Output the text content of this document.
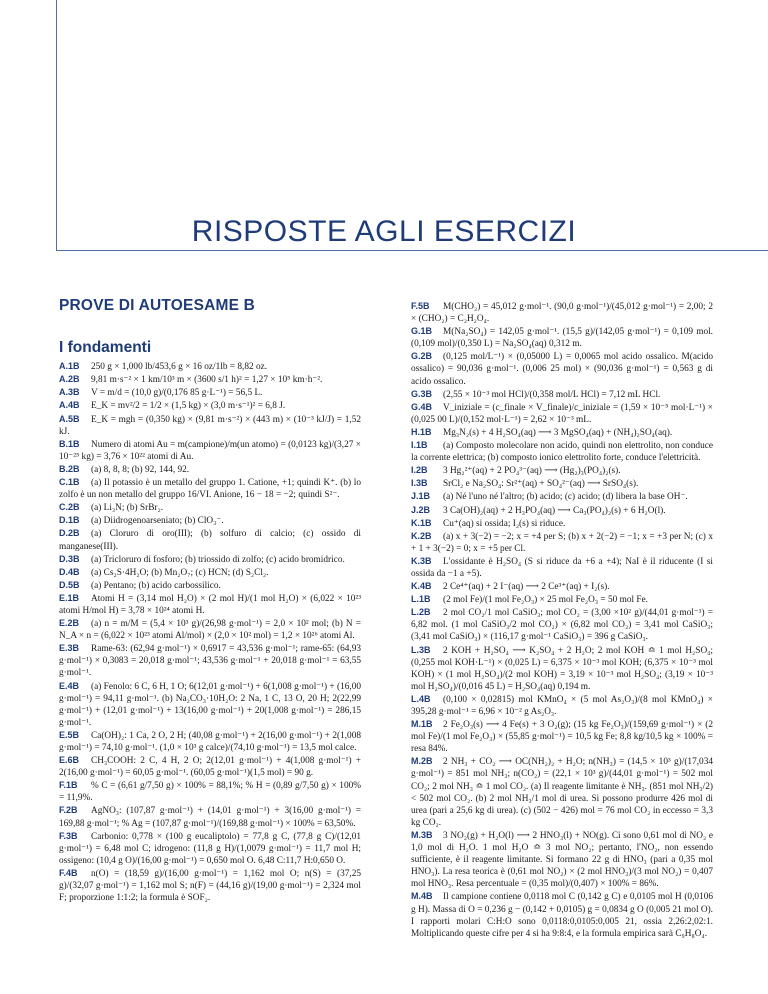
RISPOSTE AGLI ESERCIZI
PROVE DI AUTOESAME B
I fondamenti

A.1B 250 g × 1,000 lb/453,6 g × 16 oz/1lb = 8,82 oz.

A.2B 9,81 m·s⁻² × 1 km/10³ m × (3600 s/1 h)² = 1,27 × 10⁵ km·h⁻².

A.3B V = m/d = (10,0 g)/(0,176 85 g·L⁻¹) = 56,5 L.

A.4B E_K = mv²/2 = 1/2 × (1,5 kg) × (3,0 m·s⁻¹)² = 6,8 J.

A.5B E_K = mgh = (0,350 kg) × (9,81 m·s⁻²) × (443 m) × (10⁻³ kJ/J) = 1,52 kJ.

B.1B Numero di atomi Au = m(campione)/m(un atomo) = (0,0123 kg)/(3,27 × 10⁻²⁵ kg) = 3,76 × 10²² atomi di Au.

B.2B (a) 8, 8, 8; (b) 92, 144, 92.

C.1B (a) Il potassio è un metallo del gruppo 1. Catione, +1; quindi K⁺. (b) lo zolfo è un non metallo del gruppo 16/VI. Anione, 16 − 18 = −2; quindi S²⁻.

C.2B (a) Li₃N; (b) SrBr₂.

D.1B (a) Diidrogenoarseniato; (b) ClO₃⁻.

D.2B (a) Cloruro di oro(III); (b) solfuro di calcio; (c) ossido di manganese(III).

D.3B (a) Tricloruro di fosforo; (b) triossido di zolfo; (c) acido bromidrico.

D.4B (a) Cs₂S·4H₂O; (b) Mn₂O₇; (c) HCN; (d) S₂Cl₂.

D.5B (a) Pentano; (b) acido carbossilico.

E.1B Atomi H = (3,14 mol H₂O) × (2 mol H)/(1 mol H₂O) × (6,022 × 10²³ atomi H/mol H) = 3,78 × 10²⁴ atomi H.

E.2B (a) n = m/M = (5,4 × 10³ g)/(26,98 g·mol⁻¹) = 2,0 × 10² mol; (b) N = N_A × n = (6,022 × 10²³ atomi Al/mol) × (2,0 × 10² mol) = 1,2 × 10²⁶ atomi Al.

E.3B Rame-63: (62,94 g·mol⁻¹) × 0,6917 = 43,536 g·mol⁻¹; rame-65: (64,93 g·mol⁻¹) × 0,3083 = 20,018 g·mol⁻¹; 43,536 g·mol⁻¹ + 20,018 g·mol⁻¹ = 63,55 g·mol⁻¹.

E.4B (a) Fenolo: 6 C, 6 H, 1 O; 6(12,01 g·mol⁻¹) + 6(1,008 g·mol⁻¹) + (16,00 g·mol⁻¹) = 94,11 g·mol⁻¹. (b) Na₂CO₃·10H₂O: 2 Na, 1 C, 13 O, 20 H; 2(22,99 g·mol⁻¹) + (12,01 g·mol⁻¹) + 13(16,00 g·mol⁻¹) + 20(1,008 g·mol⁻¹) = 286,15 g·mol⁻¹.

E.5B Ca(OH)₂: 1 Ca, 2 O, 2 H; (40,08 g·mol⁻¹) + 2(16,00 g·mol⁻¹) + 2(1,008 g·mol⁻¹) = 74,10 g·mol⁻¹. (1,0 × 10³ g calce)/(74,10 g·mol⁻¹) = 13,5 mol calce.

E.6B CH₃COOH: 2 C, 4 H, 2 O; 2(12,01 g·mol⁻¹) + 4(1,008 g·mol⁻¹) + 2(16,00 g·mol⁻¹) = 60,05 g·mol⁻¹. (60,05 g·mol⁻¹)(1,5 mol) = 90 g.

F.1B % C = (6,61 g/7,50 g) × 100% = 88,1%; % H = (0,89 g/7,50 g) × 100% = 11,9%.

F.2B AgNO₃: (107,87 g·mol⁻¹) + (14,01 g·mol⁻¹) + 3(16,00 g·mol⁻¹) = 169,88 g·mol⁻¹; % Ag = (107,87 g·mol⁻¹)/(169,88 g·mol⁻¹) × 100% = 63,50%.

F.3B Carbonio: 0,778 × (100 g eucaliptolo) = 77,8 g C, (77,8 g C)/(12,01 g·mol⁻¹) = 6,48 mol C; idrogeno: (11,8 g H)/(1,0079 g·mol⁻¹) = 11,7 mol H; ossigeno: (10,4 g O)/(16,00 g·mol⁻¹) = 0,650 mol O. 6,48 C:11,7 H:0,650 O.

F.4B n(O) = (18,59 g)/(16,00 g·mol⁻¹) = 1,162 mol O; n(S) = (37,25 g)/(32,07 g·mol⁻¹) = 1,162 mol S; n(F) = (44,16 g)/(19,00 g·mol⁻¹) = 2,324 mol F; proporzione 1:1:2; la formula è SOF₂.

F.5B M(CHO₂) = 45,012 g·mol⁻¹. (90,0 g·mol⁻¹)/(45,012 g·mol⁻¹) = 2,00; 2 × (CHO₂) = C₂H₂O₄.

G.1B M(Na₂SO₄) = 142,05 g·mol⁻¹. (15,5 g)/(142,05 g·mol⁻¹) = 0,109 mol. (0,109 mol)/(0,350 L) = Na₂SO₄(aq) 0,312 m.

G.2B (0,125 mol/L⁻¹) × (0,05000 L) = 0,0065 mol acido ossalico. M(acido ossalico) = 90,036 g·mol⁻¹. (0,006 25 mol) × (90,036 g·mol⁻¹) = 0,563 g di acido ossalico.

G.3B (2,55 × 10⁻³ mol HCl)/(0,358 mol/L HCl) = 7,12 mL HCl.

G.4B V_iniziale = (c_finale × V_finale)/c_iniziale = (1,59 × 10⁻⁵ mol·L⁻¹) × (0,025 00 L)/(0,152 mol·L⁻¹) = 2,62 × 10⁻³ mL.

H.1B Mg₃N₂(s) + 4 H₂SO₄(aq) ⟶ 3 MgSO₄(aq) + (NH₄)₂SO₄(aq).

I.1B (a) Composto molecolare non acido, quindi non elettrolito, non conduce la corrente elettrica; (b) composto ionico elettrolito forte, conduce l'elettricità.

I.2B 3 Hg₂²⁺(aq) + 2 PO₄³⁻(aq) ⟶ (Hg₂)₃(PO₄)₂(s).

I.3B SrCl₂ e Na₂SO₄: Sr²⁺(aq) + SO₄²⁻(aq) ⟶ SrSO₄(s).

J.1B (a) Né l'uno né l'altro; (b) acido; (c) acido; (d) libera la base OH⁻.

J.2B 3 Ca(OH)₂(aq) + 2 H₃PO₄(aq) ⟶ Ca₃(PO₄)₂(s) + 6 H₂O(l).

K.1B Cu⁺(aq) si ossida; I₂(s) si riduce.

K.2B (a) x + 3(−2) = −2; x = +4 per S; (b) x + 2(−2) = −1; x = +3 per N; (c) x + 1 + 3(−2) = 0; x = +5 per Cl.

K.3B L'ossidante è H₂SO₄ (S si riduce da +6 a +4); NaI è il riducente (I si ossida da −1 a +5).

K.4B 2 Ce⁴⁺(aq) + 2 I⁻(aq) ⟶ 2 Ce³⁺(aq) + I₂(s).

L.1B (2 mol Fe)/(1 mol Fe₂O₃) × 25 mol Fe₂O₃ = 50 mol Fe.

L.2B 2 mol CO₂/1 mol CaSiO₃; mol CO₂ = (3,00 ×10² g)/(44,01 g·mol⁻¹) = 6,82 mol. (1 mol CaSiO₃/2 mol CO₂) × (6,82 mol CO₂) = 3,41 mol CaSiO₃; (3,41 mol CaSiO₃) × (116,17 g·mol⁻¹ CaSiO₃) = 396 g CaSiO₃.

L.3B 2 KOH + H₂SO₄ ⟶ K₂SO₄ + 2 H₂O; 2 mol KOH ≏ 1 mol H₂SO₄; (0,255 mol KOH·L⁻¹) × (0,025 L) = 6,375 × 10⁻³ mol KOH; (6,375 × 10⁻³ mol KOH) × (1 mol H₂SO₄)/(2 mol KOH) = 3,19 × 10⁻³ mol H₂SO₄; (3,19 × 10⁻³ mol H₂SO₄)/(0,016 45 L) = H₂SO₄(aq) 0,194 m.

L.4B (0,100 × 0,02815) mol KMnO₄ × (5 mol As₂O₃)/(8 mol KMnO₄) × 395,28 g·mol⁻¹ = 6,96 × 10⁻² g As₂O₃.

M.1B 2 Fe₂O₃(s) ⟶ 4 Fe(s) + 3 O₂(g); (15 kg Fe₂O₃)/(159,69 g·mol⁻¹) × (2 mol Fe)/(1 mol Fe₂O₃) × (55,85 g·mol⁻¹) = 10,5 kg Fe; 8,8 kg/10,5 kg × 100% = resa 84%.

M.2B 2 NH₃ + CO₂ ⟶ OC(NH₂)₂ + H₂O; n(NH₃) = (14,5 × 10³ g)/(17,034 g·mol⁻¹) = 851 mol NH₃; n(CO₂) = (22,1 × 10³ g)/(44,01 g·mol⁻¹) = 502 mol CO₂; 2 mol NH₃ ≏ 1 mol CO₂. (a) Il reagente limitante è NH₃. (851 mol NH₃/2) < 502 mol CO₂. (b) 2 mol NH₃/1 mol di urea. Si possono produrre 426 mol di urea (pari a 25,6 kg di urea). (c) (502 − 426) mol = 76 mol CO₂ in eccesso = 3,3 kg CO₂.

M.3B 3 NO₂(g) + H₂O(l) ⟶ 2 HNO₃(l) + NO(g). Ci sono 0,61 mol di NO₂ e 1,0 mol di H₂O. 1 mol H₂O ≏ 3 mol NO₂; pertanto, l'NO₂, non essendo sufficiente, è il reagente limitante. Si formano 22 g di HNO₃ (pari a 0,35 mol HNO₃). La resa teorica è (0,61 mol NO₂) × (2 mol HNO₃)/(3 mol NO₂) = 0,407 mol HNO₃. Resa percentuale = (0,35 mol)/(0,407) × 100% = 86%.

M.4B Il campione contiene 0,0118 mol C (0,142 g C) e 0,0105 mol H (0,0106 g H). Massa di O = 0,236 g − (0,142 + 0,0105) g = 0,0834 g O (0,005 21 mol O). I rapporti molari C:H:O sono 0,0118:0,0105:0,005 21, ossia 2,26:2,02:1. Moltiplicando queste cifre per 4 si ha 9:8:4, e la formula empirica sarà C₉H₈O₄.
